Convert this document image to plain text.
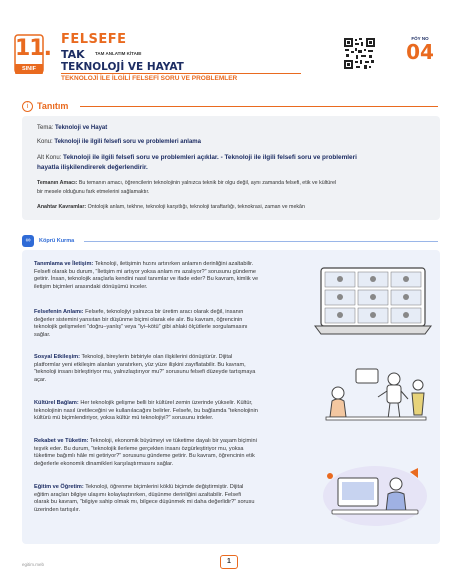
11.
SINIF
FELSEFE
TAK TAM ANLATIM KİTABI
TEKNOLOJİ VE HAYAT
TEKNOLOJİ İLE İLGİLİ FELSEFİ SORU VE PROBLEMLER
FÖY NO
04
i Tanıtım
Tema: Teknoloji ve Hayat
Konu: Teknoloji ile ilgili felsefi soru ve problemleri anlama
Alt Konu: Teknoloji ile ilgili felsefi soru ve problemleri açıklar. - Teknoloji ile ilgili felsefi soru ve problemleri
hayatla ilişkilendirerek değerlendirir.
Temanın Amacı: Bu temanın amacı, öğrencilerin teknolojinin yalnızca teknik bir olgu değil, aynı zamanda felsefi, etik ve kültürel
bir mesele olduğunu fark etmelerini sağlamaktır.
Anahtar Kavramlar: Ontolojik anlam, tekhne, teknoloji karşıtlığı, teknoloji taraftarlığı, teknokrasi, zaman ve mekân
∞	Köprü Kurma
Tanımlama ve İletişim: Teknoloji, iletişimin hızını artırırken anlamın derinliğini azaltabilir.
Felsefi olarak bu durum, “İletişim mi artıyor yoksa anlam mı azalıyor?” sorusunu gündeme
getirir. İnsan, teknolojik araçlarla kendini nasıl tanımlar ve ifade eder? Bu kavram, kimlik ve
iletişim biçimleri arasındaki dönüşümü inceler.
Felsefenin Anlamı: Felsefe, teknolojiyi yalnızca bir üretim aracı olarak değil, insanın
değerler sistemini yansıtan bir düşünme biçimi olarak ele alır. Bu kavram, öğrencinin
teknolojik gelişmeleri “doğru–yanlış” veya “iyi–kötü” gibi ahlaki ölçütlerle sorgulamasını
sağlar.
Sosyal Etkileşim: Teknoloji, bireylerin birbiriyle olan ilişkilerini dönüştürür. Dijital
platformlar yeni etkileşim alanları yaratırken, yüz yüze ilişkini zayıflatabilir. Bu kavram,
“teknoloji insanı birleştiriyor mu, yalnızlaştırıyor mu?” sorusunu felsefi düzeyde tartışmaya
açar.
Kültürel Bağlam: Her teknolojik gelişme belli bir kültürel zemin üzerinde yükselir. Kültür,
teknolojinin nasıl üretileceğini ve kullanılacağını belirler. Felsefe, bu bağlamda “teknolojinin
kültürü mü biçimlendiriyor, yoksa kültür mü teknolojiyi?” sorusunu irdeler.
Rekabet ve Tüketim: Teknoloji, ekonomik büyümeyi ve tüketime dayalı bir yaşam biçimini
teşvik eder. Bu durum, “teknolojik ilerleme gerçekten insanı özgürleştiriyor mu, yoksa
tüketime bağımlı hâle mi getiriyor?” sorusunu gündeme getirir. Bu kavram, öğrencinin etik
değerlerle ekonomik dinamikleri karşılaştırmasını sağlar.
Eğitim ve Öğretim: Teknoloji, öğrenme biçimlerini köklü biçimde değiştirmiştir. Dijital
eğitim araçları bilgiye ulaşımı kolaylaştırırken, düşünme derinliğini azaltabilir. Felsefi
olarak bu kavram, “bilgiye sahip olmak mı, bilgece düşünmek mi daha değerlidir?” sorusu
üzerinden tartışılır.
egitim.meb	1
